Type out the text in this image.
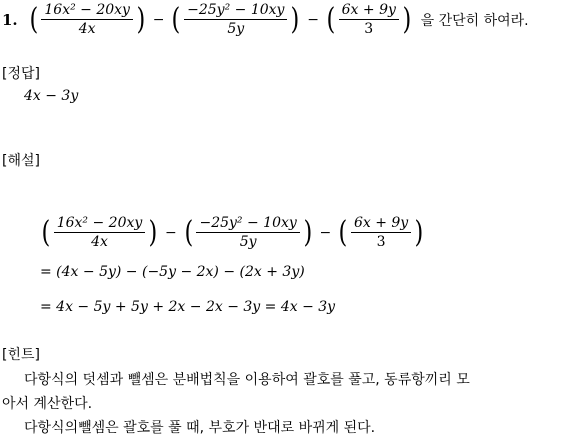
1. ( $\frac{\text{16x² − 20xy}}{4x}$ ) − ( $\frac{\text{−25y² − 10xy}}{5y}$ ) − ( $\frac{6x + 9y}{3}$ ) 을 간단히 하여라.
[정답]
4x − 3y
[해설]
( $\frac{\text{16x² − 20xy}}{4x}$ ) − ( $\frac{\text{−25y² − 10xy}}{5y}$ ) − ( $\frac{6x + 9y}{3}$ )
= (4x − 5y) − (−5y − 2x) − (2x + 3y)
= 4x − 5y + 5y + 2x − 2x − 3y = 4x − 3y
[힌트]
다항식의 덧셈과 뺄셈은 분배법칙을 이용하여 괄호를 풀고, 동류항끼리 모
아서 계산한다.
다항식의뺄셈은 괄호를 풀 때, 부호가 반대로 바뀌게 된다.
